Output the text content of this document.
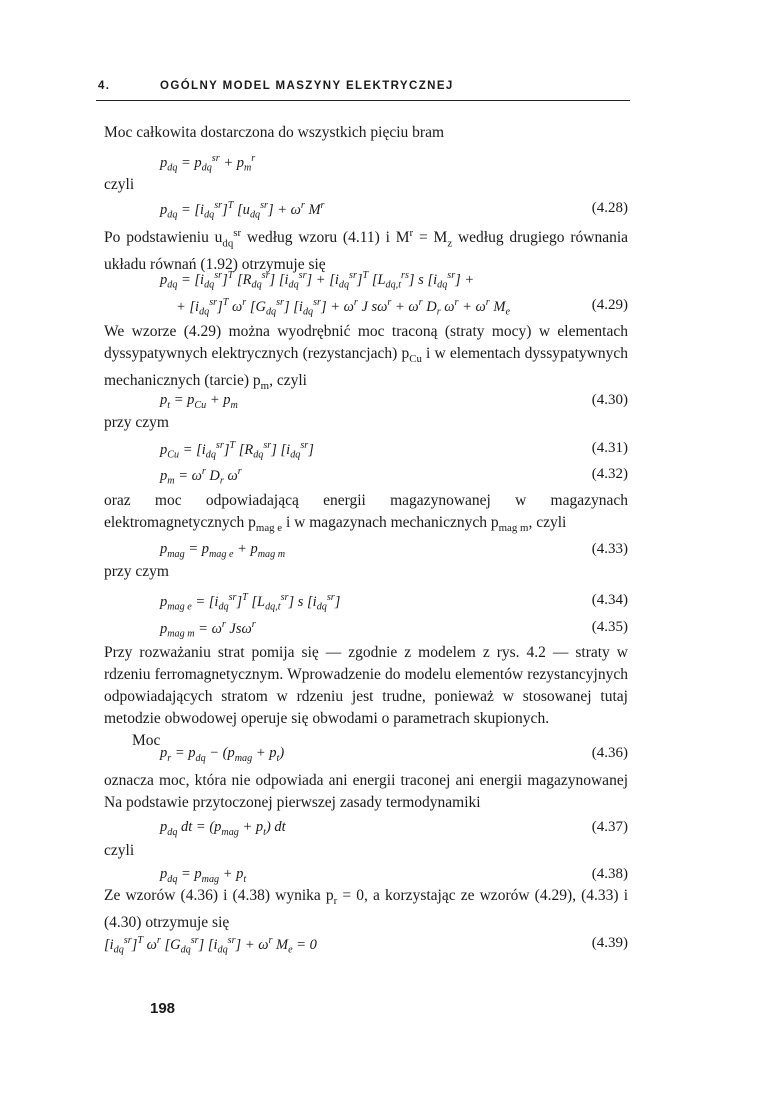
4.	OGÓLNY MODEL MASZYNY ELEKTRYCZNEJ
Moc całkowita dostarczona do wszystkich pięciu bram
$p_{dq} = p_{dq}^{sr} + p_m^r$
czyli
$p_{dq} = [i_{dq}^{sr}]^T$ $[u_{dq}^{sr}] + \omega^r$ $M^r$	(4.28)
Po podstawieniu $u_{dq}^{sr}$ według wzoru (4.11) i $M^r = M_z$ według drugiego równania układu równań (1.92) otrzymuje się
$p_{dq} = [i_{dq}^{sr}]^T$ $[R_{dq}^{sr}] [i_{dq}^{sr}] + [i_{dq}^{sr}]^T$ $[L_{dq,t}^{rs}]$ s $[i_{dq}^{sr}]$ +
+ $[i_{dq}^{sr}]^T$ $\omega^r$ $[G_{dq}^{sr}] [i_{dq}^{sr}] + \omega^r$ J $s\omega^r + \omega^r$ $D_r$ $\omega^r + \omega^r$ $M_e$	(4.29)
We wzorze (4.29) można wyodrębnić moc traconą (straty mocy) w elementach dyssypatywnych elektrycznych (rezystancjach) $p_{Cu}$ i w elementach dyssypatywnych mechanicznych (tarcie) $p_m$, czyli
$p_t = p_{Cu} + p_m$	(4.30)
przy czym
$p_{Cu} = [i_{dq}^{sr}]^T$ $[R_{dq}^{sr}]$ $[i_{dq}^{sr}]$	(4.31)
$p_m = \omega^r$ $D_r$ $\omega^r$	(4.32)
oraz moc odpowiadającą energii magazynowanej w magazynach elektromagnetycznych $p_{mag e}$ i w magazynach mechanicznych $p_{mag m}$, czyli
$p_{mag} = p_{mag e} + p_{mag m}$	(4.33)
przy czym
$p_{mag e} = [i_{dq}^{sr}]^T$ $[L_{dq,t}^{sr}]$ s $[i_{dq}^{sr}]$	(4.34)
$p_{mag m} = \omega^r$ Jsω$^r$	(4.35)
Przy rozważaniu strat pomija się — zgodnie z modelem z rys. 4.2 — straty w rdzeniu ferromagnetycznym. Wprowadzenie do modelu elementów rezystancyjnych odpowiadających stratom w rdzeniu jest trudne, ponieważ w stosowanej tutaj metodzie obwodowej operuje się obwodami o parametrach skupionych.
Moc
$p_r = p_{dq} - (p_{mag} + p_t)$	(4.36)
oznacza moc, która nie odpowiada ani energii traconej ani energii magazynowanej Na podstawie przytoczonej pierwszej zasady termodynamiki
$p_{dq}$ dt = $(p_{mag} + p_t)$ dt	(4.37)
czyli
$p_{dq} = p_{mag} + p_t$	(4.38)
Ze wzorów (4.36) i (4.38) wynika $p_r = 0$, a korzystając ze wzorów (4.29), (4.33) i (4.30) otrzymuje się
$[i_{dq}^{sr}]^T$ $\omega^r$ $[G_{dq}^{sr}] [i_{dq}^{sr}] + \omega^r$ $M_e = 0$	(4.39)
198
